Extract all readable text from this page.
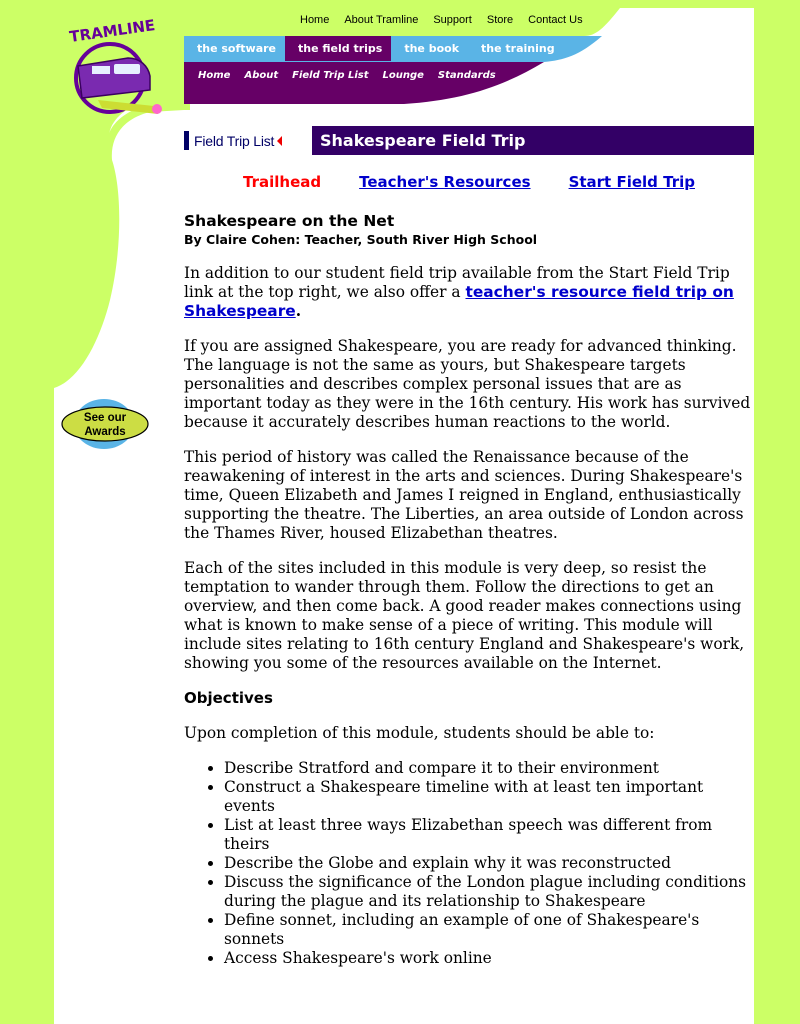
TRAMLINE	Home About Tramline Support Store Contact Us
the software	the field trips	the book	the training
Home About Field Trip List Lounge Standards
Field Trip List	Shakespeare Field Trip
Trailhead	Teacher's Resources	Start Field Trip
See our
Awards
Shakespeare on the Net
By Claire Cohen: Teacher, South River High School

In addition to our student field trip available from the Start Field Trip link at the top right, we also offer a teacher's resource field trip on Shakespeare.

If you are assigned Shakespeare, you are ready for advanced thinking. The language is not the same as yours, but Shakespeare targets personalities and describes complex personal issues that are as important today as they were in the 16th century. His work has survived because it accurately describes human reactions to the world.

This period of history was called the Renaissance because of the reawakening of interest in the arts and sciences. During Shakespeare's time, Queen Elizabeth and James I reigned in England, enthusiastically supporting the theatre. The Liberties, an area outside of London across the Thames River, housed Elizabethan theatres.

Each of the sites included in this module is very deep, so resist the temptation to wander through them. Follow the directions to get an overview, and then come back. A good reader makes connections using what is known to make sense of a piece of writing. This module will include sites relating to 16th century England and Shakespeare's work, showing you some of the resources available on the Internet.

Objectives

Upon completion of this module, students should be able to:

• Describe Stratford and compare it to their environment
• Construct a Shakespeare timeline with at least ten important events
• List at least three ways Elizabethan speech was different from theirs
• Describe the Globe and explain why it was reconstructed
• Discuss the significance of the London plague including conditions during the plague and its relationship to Shakespeare
• Define sonnet, including an example of one of Shakespeare's sonnets
• Access Shakespeare's work online
